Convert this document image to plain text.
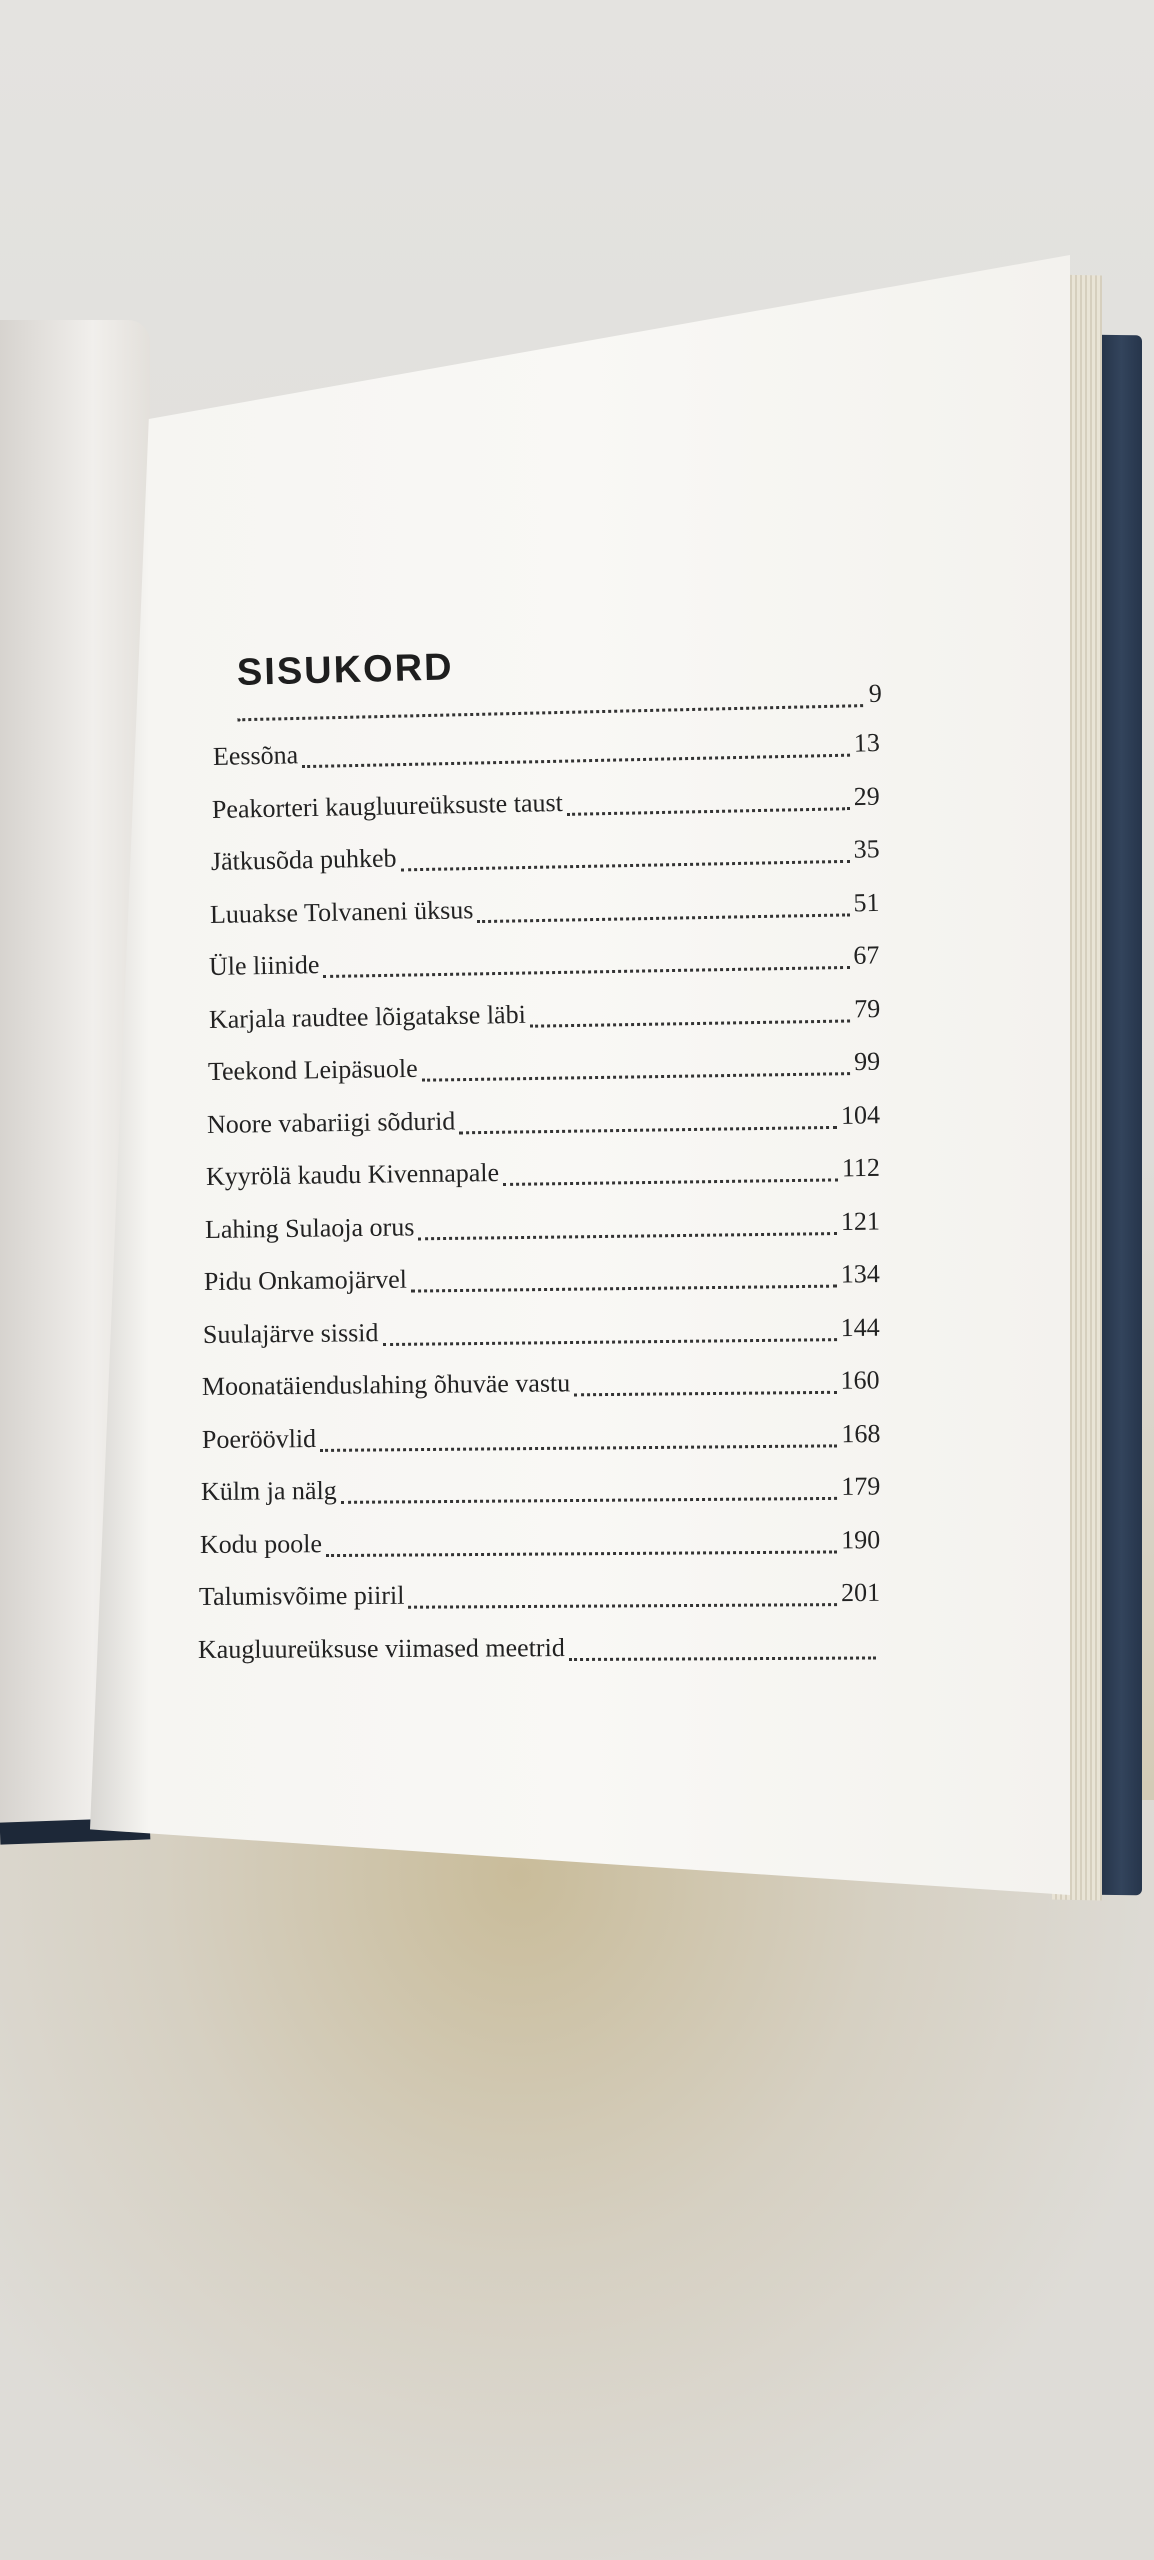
SISUKORD	9
Eessõna	13
Peakorteri kaugluureüksuste taust	29
Jätkusõda puhkeb	35
Luuakse Tolvaneni üksus	51
Üle liinide	67
Karjala raudtee lõigatakse läbi	79
Teekond Leipäsuole	99
Noore vabariigi sõdurid	104
Kyyrölä kaudu Kivennapale	112
Lahing Sulaoja orus	121
Pidu Onkamojärvel	134
Suulajärve sissid	144
Moonatäienduslahing õhuväe vastu	160
Poeröövlid	168
Külm ja nälg	179
Kodu poole	190
Talumisvõime piiril	201
Kaugluureüksuse viimased meetrid
